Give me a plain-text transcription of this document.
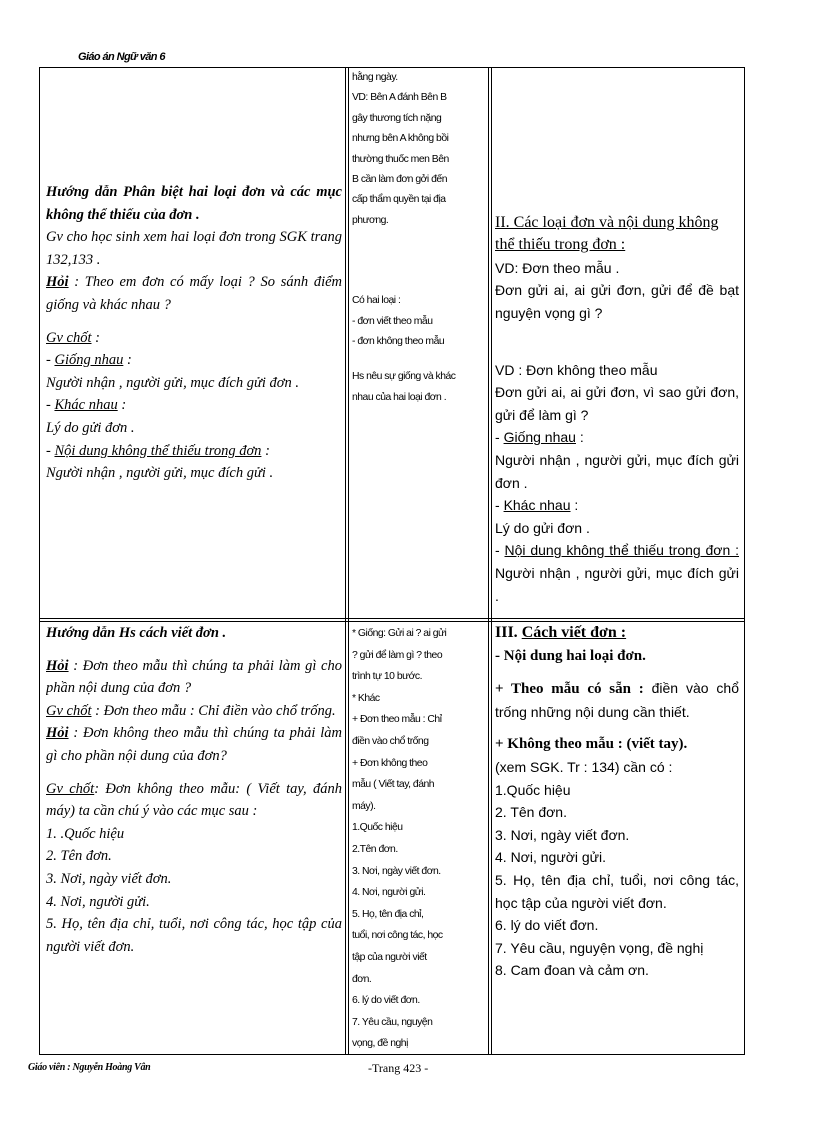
Giáo án Ngữ văn 6

Hướng dẫn Phân biệt hai loại đơn và các mục không thể thiếu của đơn .

Gv cho học sinh xem hai loại đơn trong SGK trang 132,133 .

Hỏi : Theo em đơn có mấy loại ? So sánh điểm giống và khác nhau ?

Gv chốt :

- Giống nhau :

Người nhận , người gửi, mục đích gửi đơn .

- Khác nhau :

Lý do gửi đơn .

- Nội dung không thể thiếu trong đơn :

Người nhận , người gửi, mục đích gửi .

hằng ngày.

VD: Bên A đánh Bên B

gây thương tích nặng

nhưng bên A không bồi

thường thuốc men Bên

B cần làm đơn gởi đến

cấp thẩm quyền tại địa

phương.

Có hai loại :

- đơn viết theo mẫu

- đơn không theo mẫu

Hs nêu sự giống và khác

nhau của hai loại đơn .

II. Các loại đơn và nội dung không thể thiếu trong đơn :

VD: Đơn theo mẫu .

Đơn gửi ai, ai gửi đơn, gửi để đề bạt nguyện vọng gì ?

VD : Đơn không theo mẫu

Đơn gửi ai, ai gửi đơn, vì sao gửi đơn, gửi để làm gì ?

- Giống nhau :

Người nhận , người gửi, mục đích gửi đơn .

- Khác nhau :

Lý do gửi đơn .

- Nội dung không thể thiếu trong đơn : Người nhận , người gửi, mục đích gửi .

Hướng dẫn Hs cách viết đơn .

Hỏi : Đơn theo mẫu thì chúng ta phải làm gì cho phần nội dung của đơn ?

Gv chốt : Đơn theo mẫu : Chỉ điền vào chổ trống.

Hỏi : Đơn không theo mẫu thì chúng ta phải làm gì cho phần nội dung của đơn?

Gv chốt: Đơn không theo mẫu: ( Viết tay, đánh máy) ta cần chú ý vào các mục sau :

1. .Quốc hiệu

2. Tên đơn.

3. Nơi, ngày viết đơn.

4. Nơi, người gửi.

5. Họ, tên địa chỉ, tuổi, nơi công tác, học tập của người viết đơn.

* Giống: Gửi ai ? ai gửi

? gửi để làm gì ? theo

trình tự 10 bước.

* Khác

+ Đơn theo mẫu : Chỉ

điền vào chổ trống

+ Đơn không theo

mẫu ( Viết tay, đánh

máy).

1.Quốc hiệu

2.Tên đơn.

3. Nơi, ngày viết đơn.

4. Nơi, người gửi.

5. Họ, tên địa chỉ,

tuổi, nơi công tác, học

tập của người viết

đơn.

6. lý do viết đơn.

7. Yêu cầu, nguyện

vọng, đề nghị

III. Cách viết đơn :

- Nội dung hai loại đơn.

+ Theo mẫu có sẵn : điền vào chổ trống những nội dung cần thiết.

+ Không theo mẫu : (viết tay).

(xem SGK. Tr : 134) cần có :

1.Quốc hiệu

2. Tên đơn.

3. Nơi, ngày viết đơn.

4. Nơi, người gửi.

5. Họ, tên địa chỉ, tuổi, nơi công tác, học tập của người viết đơn.

6. lý do viết đơn.

7. Yêu cầu, nguyện vọng, đề nghị

8. Cam đoan và cảm ơn.

Giáo viên : Nguyễn Hoàng Vân	-Trang 423 -
